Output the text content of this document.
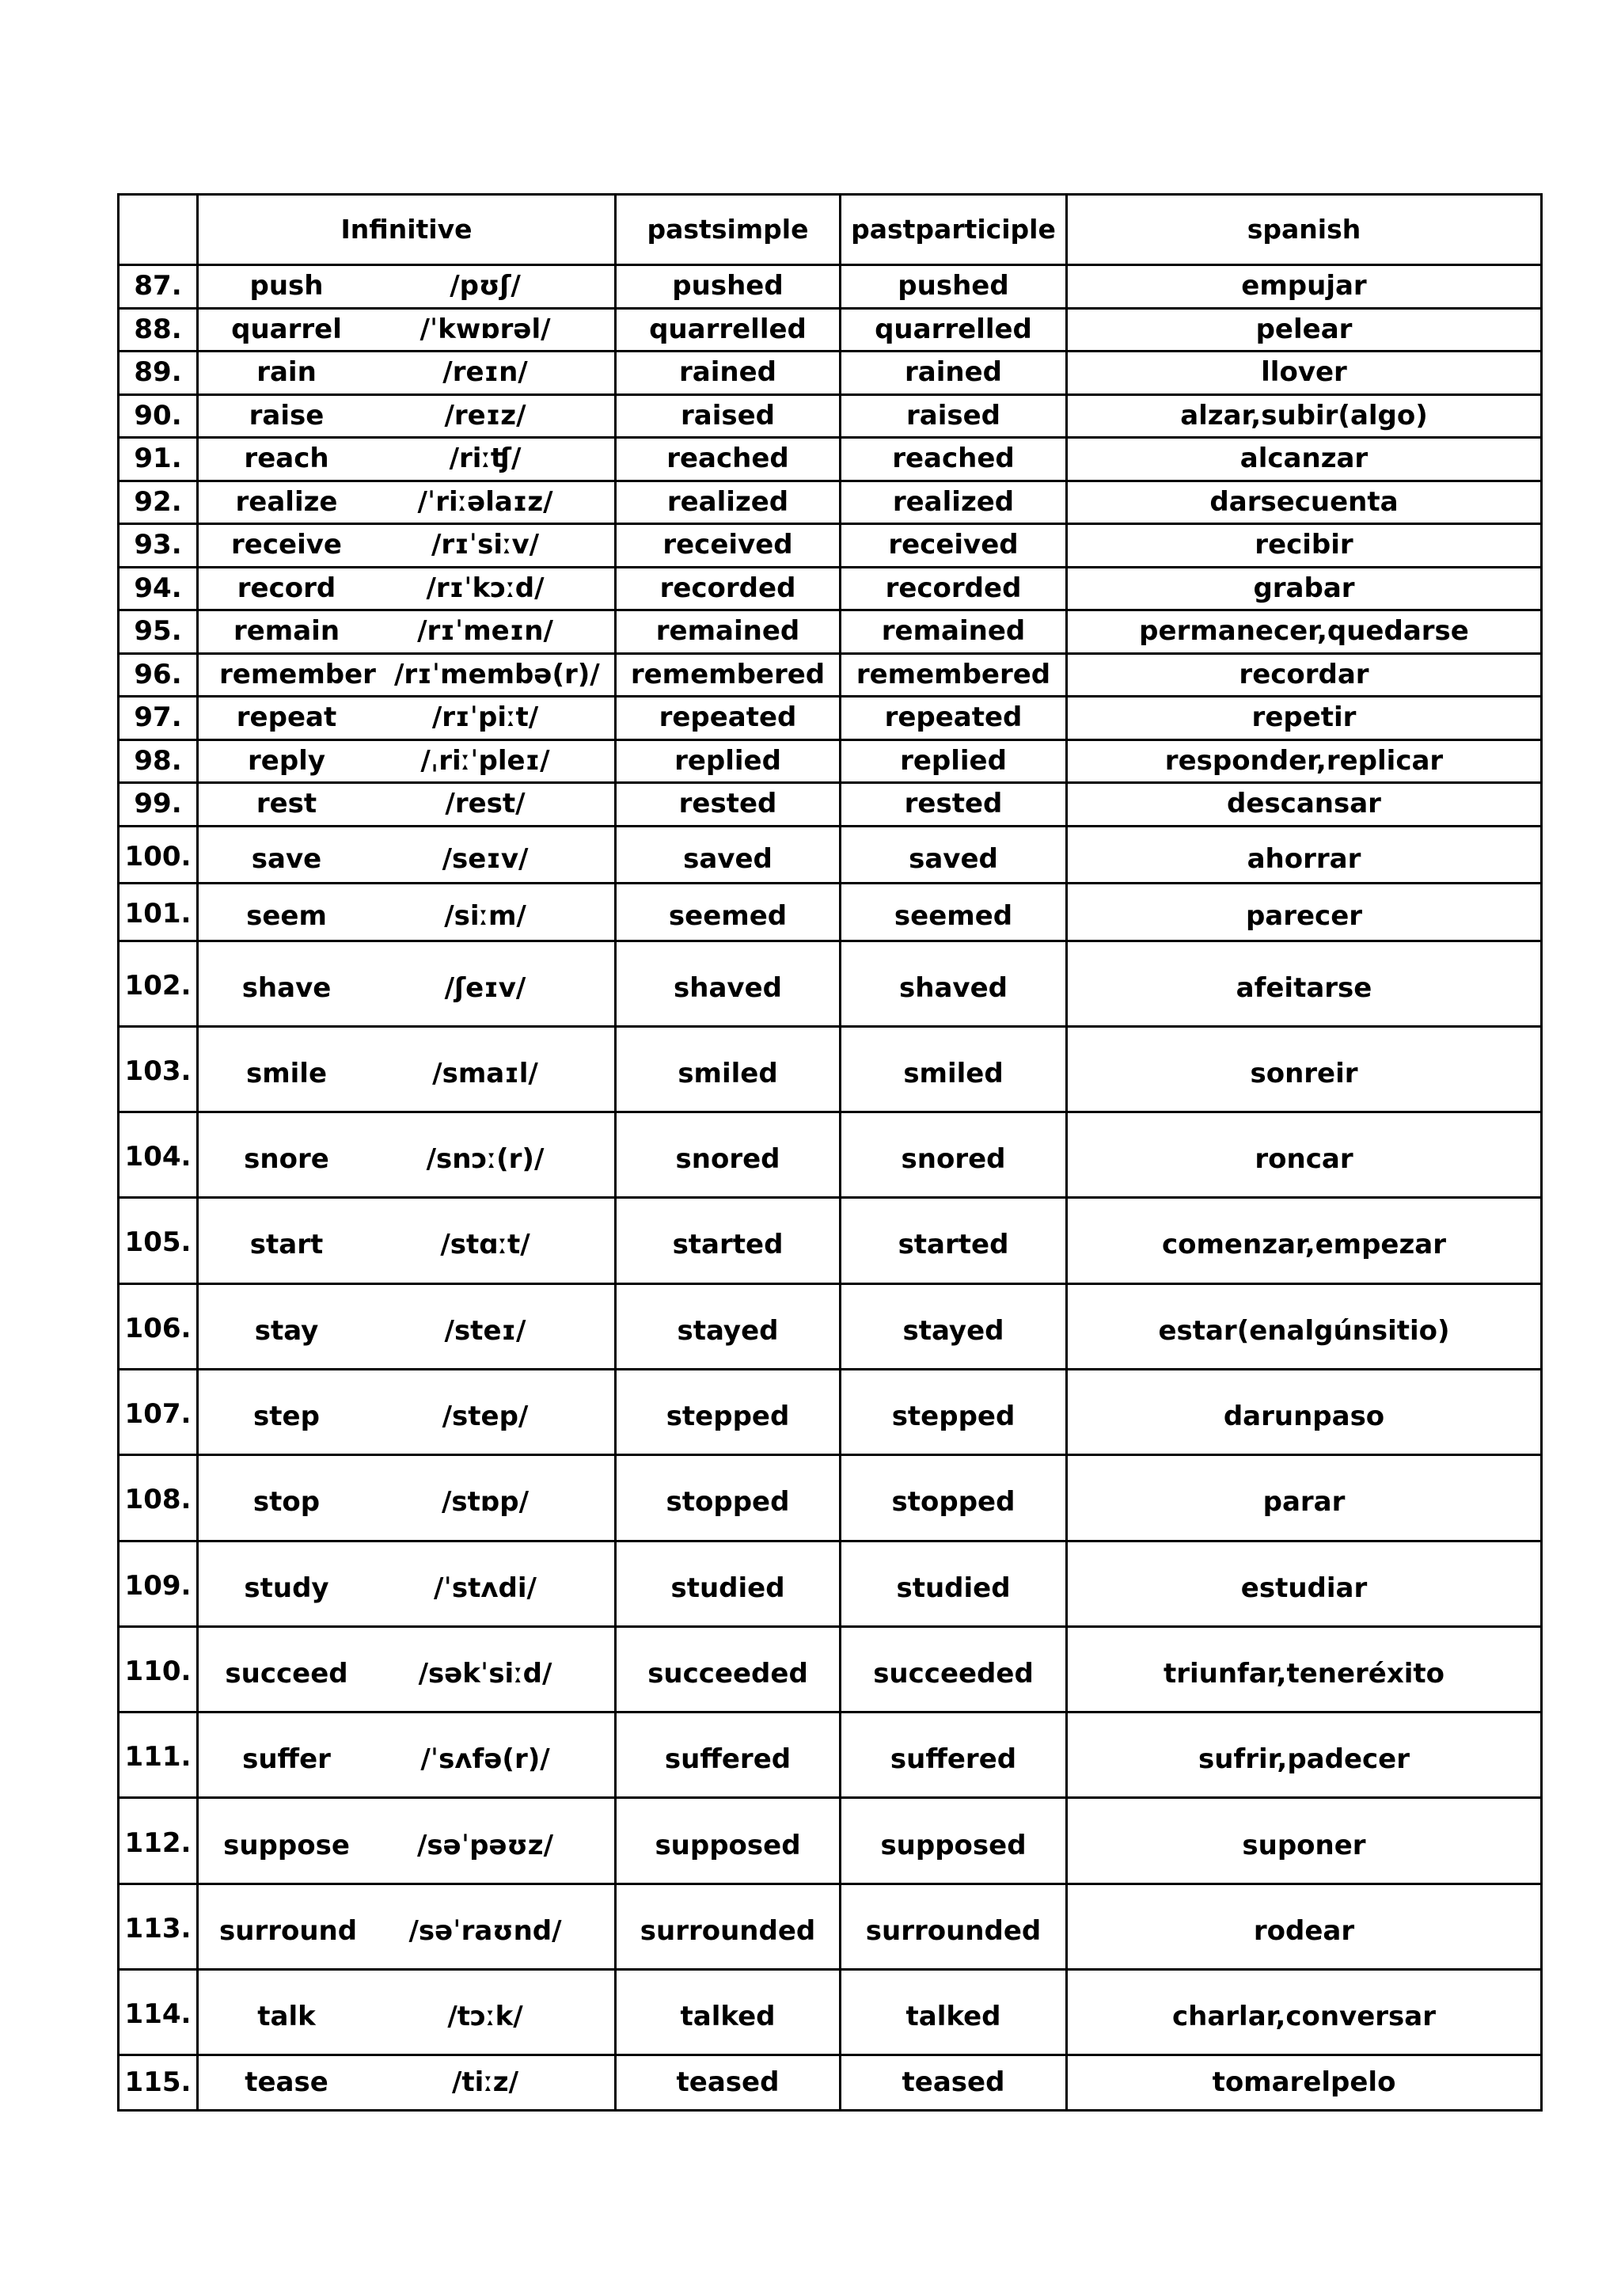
	Infinitive	pastsimple	pastparticiple	spanish
87.	push /pʊʃ/	pushed	pushed	empujar
88.	quarrel /ˈkwɒrəl/	quarrelled	quarrelled	pelear
89.	rain /reɪn/	rained	rained	llover
90.	raise /reɪz/	raised	raised	alzar,subir(algo)
91.	reach /riːʧ/	reached	reached	alcanzar
92.	realize /ˈriːəlaɪz/	realized	realized	darsecuenta
93.	receive /rɪˈsiːv/	received	received	recibir
94.	record /rɪˈkɔːd/	recorded	recorded	grabar
95.	remain /rɪˈmeɪn/	remained	remained	permanecer,quedarse
96.	remember /rɪˈmembə(r)/	remembered	remembered	recordar
97.	repeat /rɪˈpiːt/	repeated	repeated	repetir
98.	reply /ˌriːˈpleɪ/	replied	replied	responder,replicar
99.	rest /rest/	rested	rested	descansar
100.	save /seɪv/	saved	saved	ahorrar
101.	seem /siːm/	seemed	seemed	parecer
102.	shave /ʃeɪv/	shaved	shaved	afeitarse
103.	smile /smaɪl/	smiled	smiled	sonreir
104.	snore /snɔː(r)/	snored	snored	roncar
105.	start /stɑːt/	started	started	comenzar,empezar
106.	stay /steɪ/	stayed	stayed	estar(enalgúnsitio)
107.	step /step/	stepped	stepped	darunpaso
108.	stop /stɒp/	stopped	stopped	parar
109.	study /ˈstʌdi/	studied	studied	estudiar
110.	succeed /səkˈsiːd/	succeeded	succeeded	triunfar,tenеréxito
111.	suffer /ˈsʌfə(r)/	suffered	suffered	sufrir,padecer
112.	suppose /səˈpəʊz/	supposed	supposed	suponer
113.	surround /səˈraʊnd/	surrounded	surrounded	rodear
114.	talk /tɔːk/	talked	talked	charlar,conversar
115.	tease /tiːz/	teased	teased	tomarelpelo
